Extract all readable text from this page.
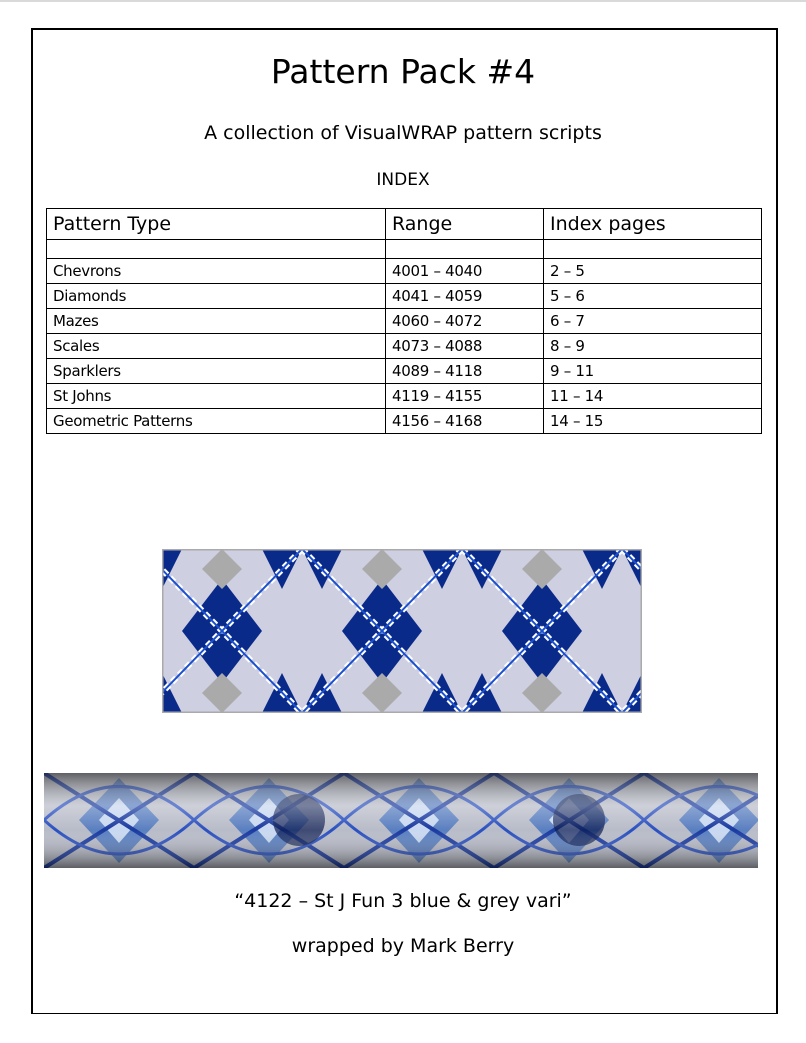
Pattern Pack #4
A collection of VisualWRAP pattern scripts
INDEX
Pattern Type	Range	Index pages

Chevrons	4001 – 4040	2 – 5
Diamonds	4041 – 4059	5 – 6
Mazes	4060 – 4072	6 – 7
Scales	4073 – 4088	8 – 9
Sparklers	4089 – 4118	9 – 11
St Johns	4119 – 4155	11 – 14
Geometric Patterns	4156 – 4168	14 – 15
“4122 – St J Fun 3 blue & grey vari”
wrapped by Mark Berry
